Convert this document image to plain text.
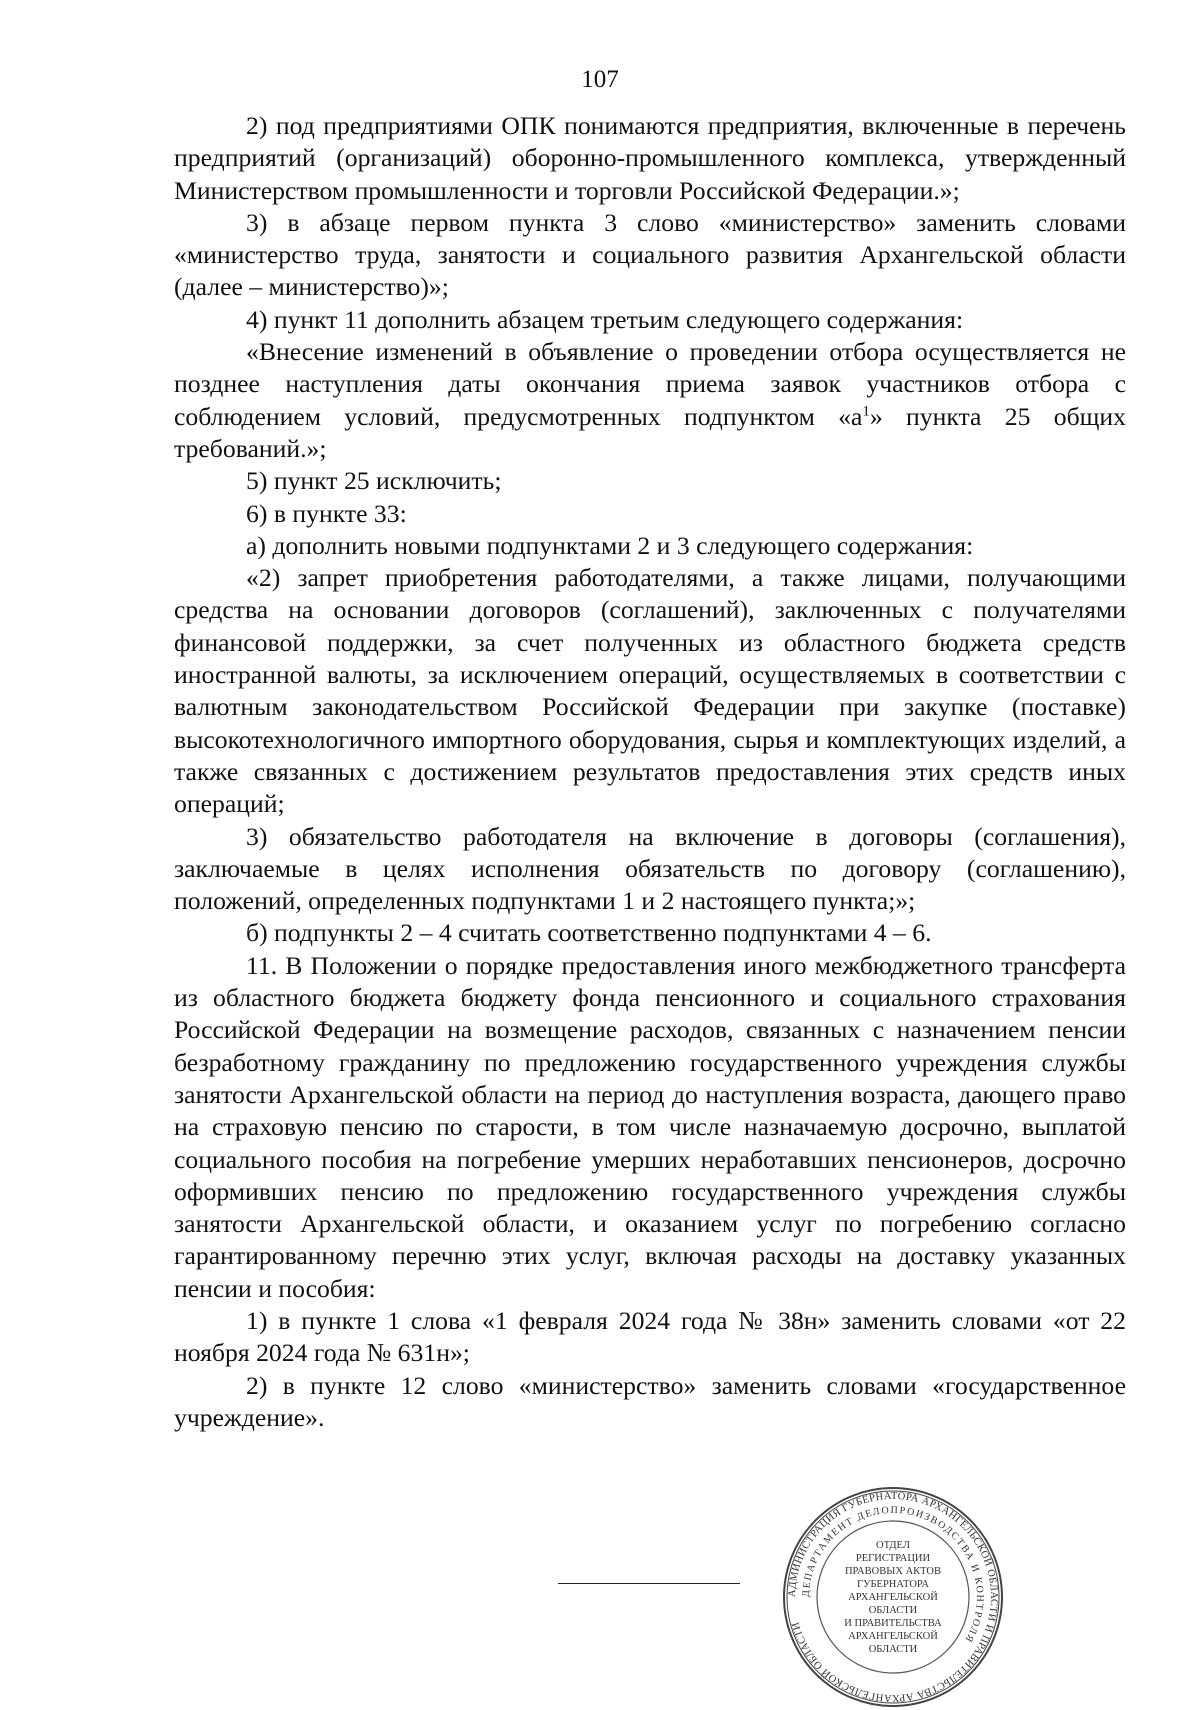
107

2) под предприятиями ОПК понимаются предприятия, включенные в перечень предприятий (организаций) оборонно-промышленного комплекса, утвержденный Министерством промышленности и торговли Российской Федерации.»;

3) в абзаце первом пункта 3 слово «министерство» заменить словами «министерство труда, занятости и социального развития Архангельской области (далее – министерство)»;

4) пункт 11 дополнить абзацем третьим следующего содержания:

«Внесение изменений в объявление о проведении отбора осуществляется не позднее наступления даты окончания приема заявок участников отбора с соблюдением условий, предусмотренных подпунктом «$а^1$» пункта 25 общих требований.»;

5) пункт 25 исключить;

6) в пункте 33:

а) дополнить новыми подпунктами 2 и 3 следующего содержания:

«2) запрет приобретения работодателями, а также лицами, получающими средства на основании договоров (соглашений), заключенных с получателями финансовой поддержки, за счет полученных из областного бюджета средств иностранной валюты, за исключением операций, осуществляемых в соответствии с валютным законодательством Российской Федерации при закупке (поставке) высокотехнологичного импортного оборудования, сырья и комплектующих изделий, а также связанных с достижением результатов предоставления этих средств иных операций;

3) обязательство работодателя на включение в договоры (соглашения), заключаемые в целях исполнения обязательств по договору (соглашению), положений, определенных подпунктами 1 и 2 настоящего пункта;»;

б) подпункты 2 – 4 считать соответственно подпунктами 4 – 6.

11. В Положении о порядке предоставления иного межбюджетного трансферта из областного бюджета бюджету фонда пенсионного и социального страхования Российской Федерации на возмещение расходов, связанных с назначением пенсии безработному гражданину по предложению государственного учреждения службы занятости Архангельской области на период до наступления возраста, дающего право на страховую пенсию по старости, в том числе назначаемую досрочно, выплатой социального пособия на погребение умерших неработавших пенсионеров, досрочно оформивших пенсию по предложению государственного учреждения службы занятости Архангельской области, и оказанием услуг по погребению согласно гарантированному перечню этих услуг, включая расходы на доставку указанных пенсии и пособия:

1) в пункте 1 слова «1 февраля 2024 года № 38н» заменить словами «от 22 ноября 2024 года № 631н»;

2) в пункте 12 слово «министерство» заменить словами «государственное учреждение».

АДМИНИСТРАЦИЯ ГУБЕРНАТОРА АРХАНГЕЛЬСКОЙ ОБЛАСТИ И ПРАВИТЕЛЬСТВА АРХАНГЕЛЬСКОЙ ОБЛАСТИ
ДЕПАРТАМЕНТ ДЕЛОПРОИЗВОДСТВА И КОНТРОЛЯ
ОТДЕЛ
РЕГИСТРАЦИИ
ПРАВОВЫХ АКТОВ
ГУБЕРНАТОРА
АРХАНГЕЛЬСКОЙ
ОБЛАСТИ
И ПРАВИТЕЛЬСТВА
АРХАНГЕЛЬСКОЙ
ОБЛАСТИ
